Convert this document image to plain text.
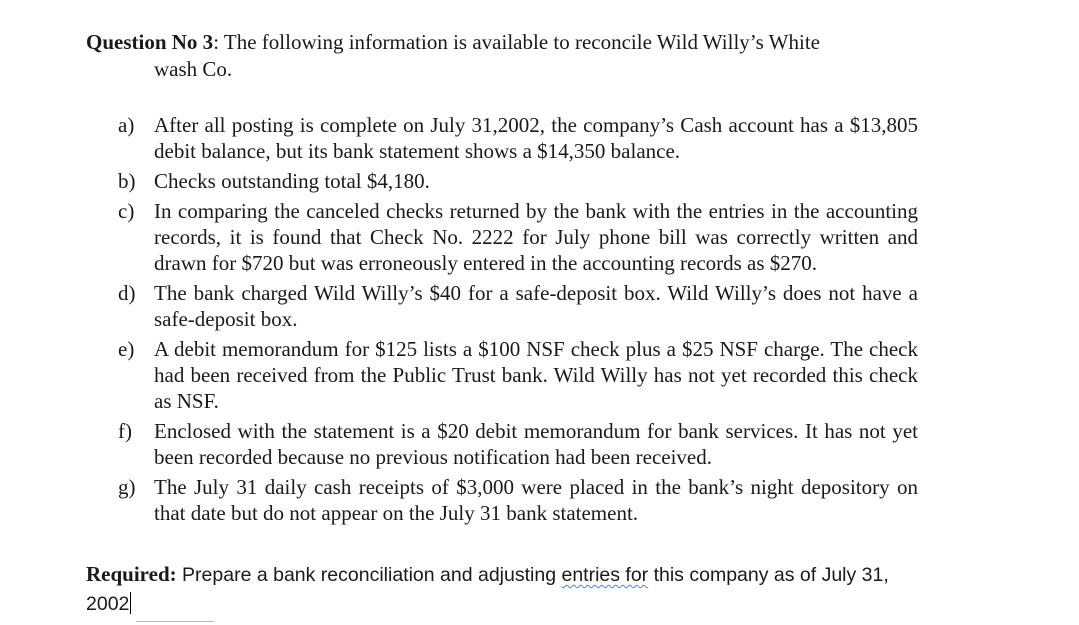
Question No 3: The following information is available to reconcile Wild Willy’s White
wash Co.
a) After all posting is complete on July 31,2002, the company’s Cash account has a $13,805 debit balance, but its bank statement shows a $14,350 balance.
b) Checks outstanding total $4,180.
c) In comparing the canceled checks returned by the bank with the entries in the accounting records, it is found that Check No. 2222 for July phone bill was correctly written and drawn for $720 but was erroneously entered in the accounting records as $270.
d) The bank charged Wild Willy’s $40 for a safe-deposit box. Wild Willy’s does not have a safe-deposit box.
e) A debit memorandum for $125 lists a $100 NSF check plus a $25 NSF charge. The check had been received from the Public Trust bank. Wild Willy has not yet recorded this check as NSF.
f)	Enclosed with the statement is a $20 debit memorandum for bank services. It has not yet been recorded because no previous notification had been received.
g) The July 31 daily cash receipts of $3,000 were placed in the bank’s night depository on that date but do not appear on the July 31 bank statement.
Required: Prepare a bank reconciliation and adjusting entries for this company as of July 31,
2002
